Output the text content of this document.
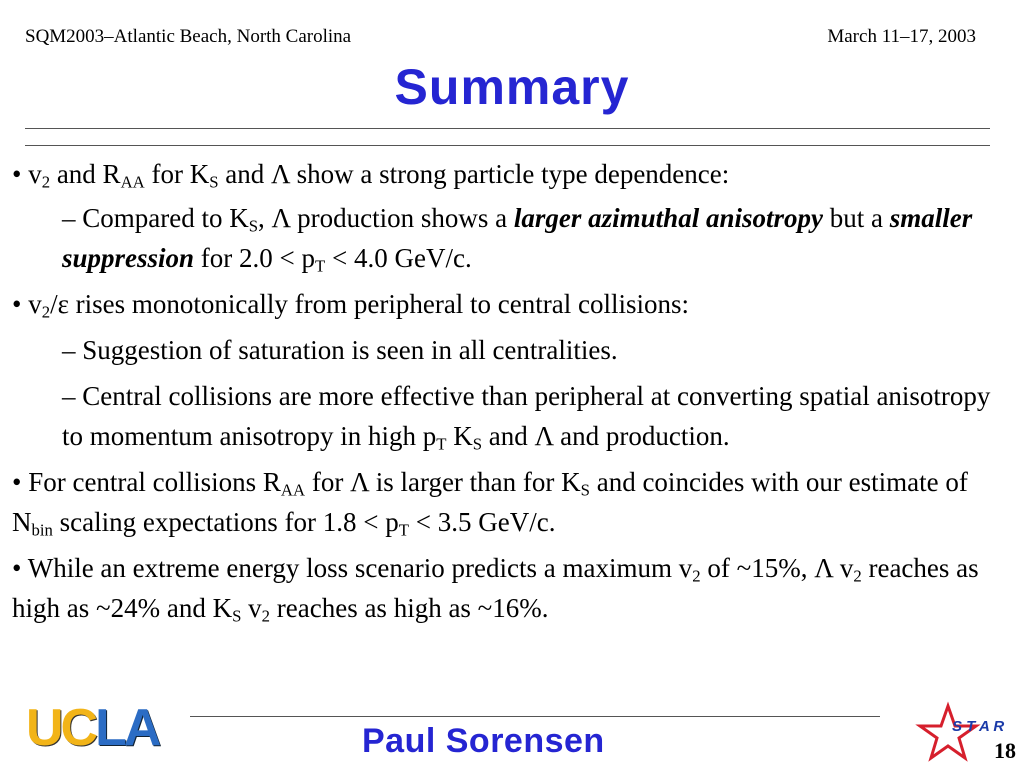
SQM2003–Atlantic Beach, North Carolina	March 11–17, 2003
Summary

• $v_2$ and $R_{AA}$ for $K_S$ and Λ show a strong particle type dependence:

– Compared to $K_S$, Λ production shows a larger azimuthal anisotropy but a smaller suppression for $2.0 < p_T < 4.0$ GeV/c.

• $v_2/\varepsilon$ rises monotonically from peripheral to central collisions:

– Suggestion of saturation is seen in all centralities.

– Central collisions are more effective than peripheral at converting spatial anisotropy to momentum anisotropy in high $p_T$ $K_S$ and Λ and production.

• For central collisions $R_{AA}$ for Λ is larger than for $K_S$ and coincides with our estimate of $N_{bin}$ scaling expectations for $1.8 < p_T < 3.5$ GeV/c.

• While an extreme energy loss scenario predicts a maximum $v_2$ of ~15%, Λ $v_2$ reaches as high as ~24% and $K_S$ $v_2$ reaches as high as ~16%.

UCLA	Paul Sorensen	S T A R
18
